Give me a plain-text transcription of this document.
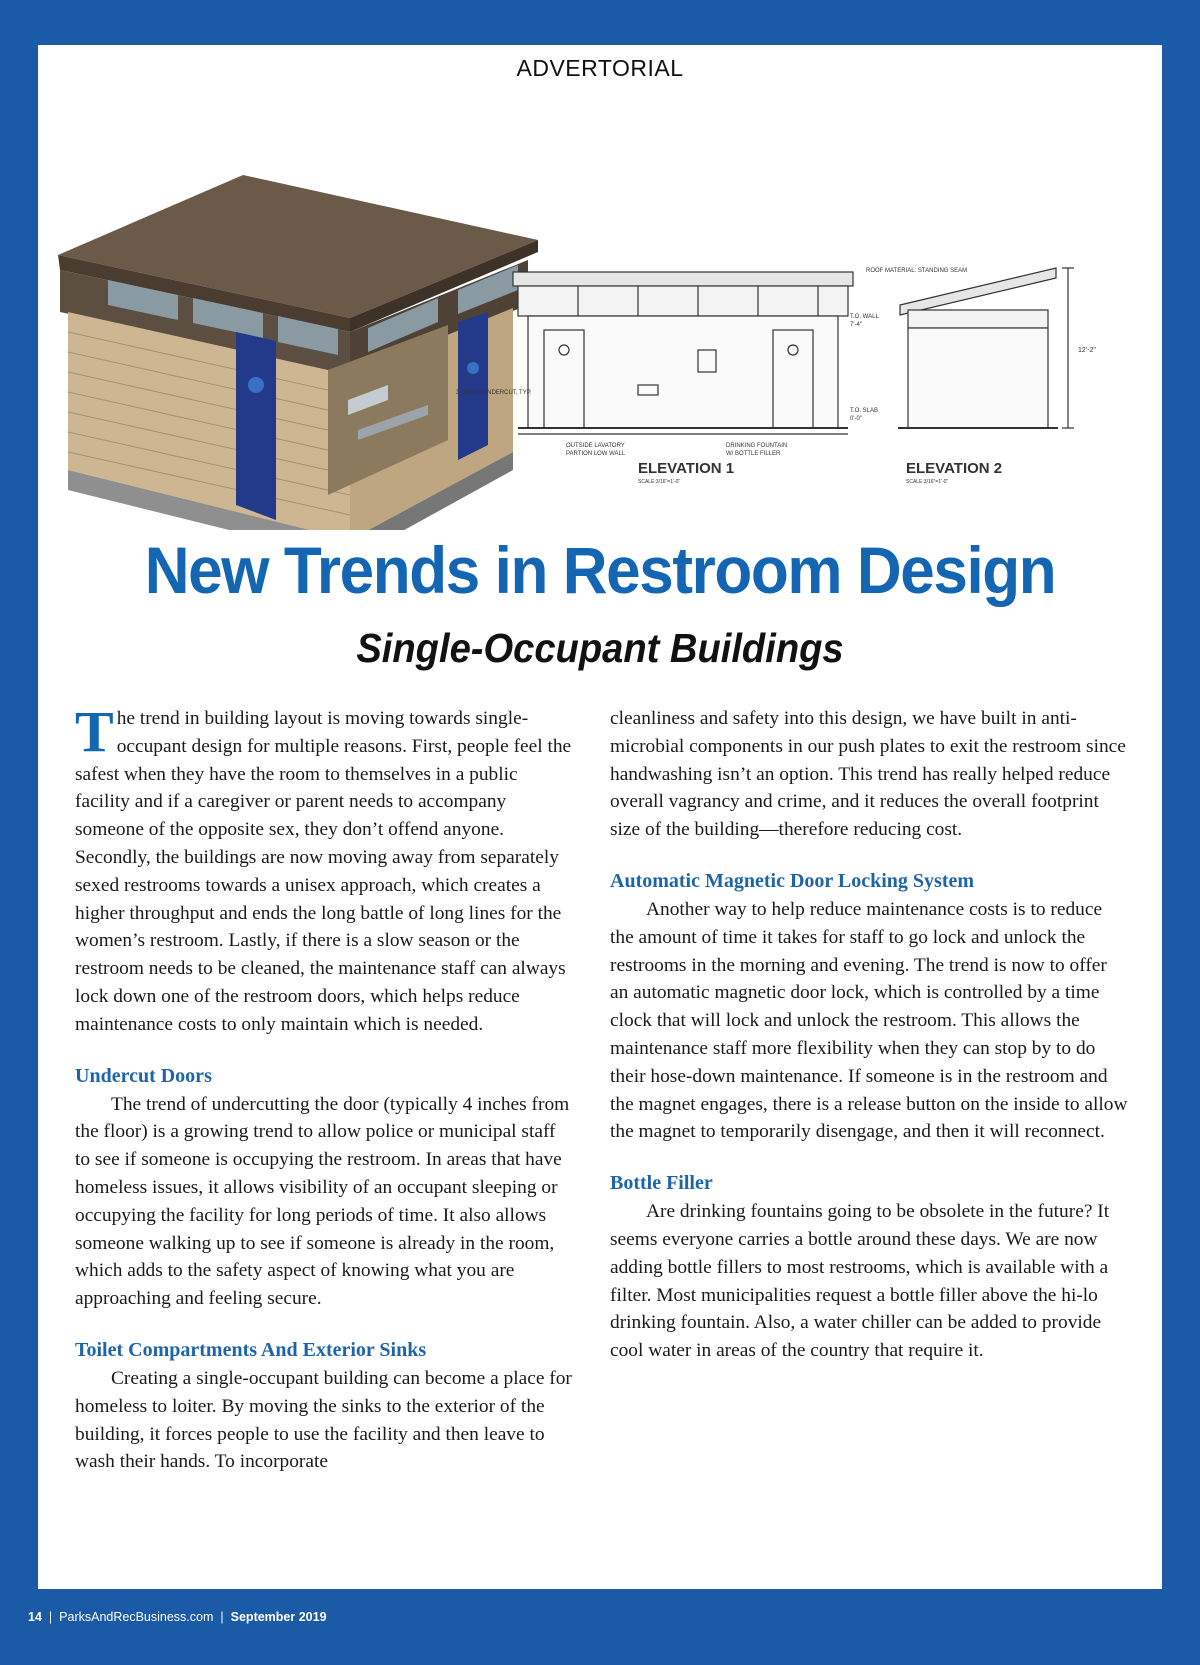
ADVERTORIAL
ROOF MATERIAL: STANDING SEAM
T.O. WALL
7'-4"
T.O. SLAB
0'-0"
12'-2"
3" DOOR UNDERCUT, TYP.
OUTSIDE LAVATORY
PARTION LOW WALL
DRINKING FOUNTAIN
W/ BOTTLE FILLER
ELEVATION 1
SCALE:3/16"=1'-0"
ELEVATION 2
SCALE:3/16"=1'-0"
New Trends in Restroom Design
Single-Occupant Buildings

The trend in building layout is moving towards single-occupant design for multiple reasons. First, people feel the safest when they have the room to themselves in a public facility and if a caregiver or parent needs to accompany someone of the opposite sex, they don’t offend anyone. Secondly, the buildings are now moving away from separately sexed restrooms towards a unisex approach, which creates a higher throughput and ends the long battle of long lines for the women’s restroom. Lastly, if there is a slow season or the restroom needs to be cleaned, the maintenance staff can always lock down one of the restroom doors, which helps reduce maintenance costs to only maintain which is needed.

Undercut Doors

The trend of undercutting the door (typically 4 inches from the floor) is a growing trend to allow police or municipal staff to see if someone is occupying the restroom. In areas that have homeless issues, it allows visibility of an occupant sleeping or occupying the facility for long periods of time. It also allows someone walking up to see if someone is already in the room, which adds to the safety aspect of knowing what you are approaching and feeling secure.

Toilet Compartments And Exterior Sinks

Creating a single-occupant building can become a place for homeless to loiter. By moving the sinks to the exterior of the building, it forces people to use the facility and then leave to wash their hands. To incorporate

cleanliness and safety into this design, we have built in anti-microbial components in our push plates to exit the restroom since handwashing isn’t an option. This trend has really helped reduce overall vagrancy and crime, and it reduces the overall footprint size of the building—therefore reducing cost.

Automatic Magnetic Door Locking System

Another way to help reduce maintenance costs is to reduce the amount of time it takes for staff to go lock and unlock the restrooms in the morning and evening. The trend is now to offer an automatic magnetic door lock, which is controlled by a time clock that will lock and unlock the restroom. This allows the maintenance staff more flexibility when they can stop by to do their hose-down maintenance. If someone is in the restroom and the magnet engages, there is a release button on the inside to allow the magnet to temporarily disengage, and then it will reconnect.

Bottle Filler

Are drinking fountains going to be obsolete in the future? It seems everyone carries a bottle around these days. We are now adding bottle fillers to most restrooms, which is available with a filter. Most municipalities request a bottle filler above the hi-lo drinking fountain. Also, a water chiller can be added to provide cool water in areas of the country that require it.

14 | ParksAndRecBusiness.com | September 2019
